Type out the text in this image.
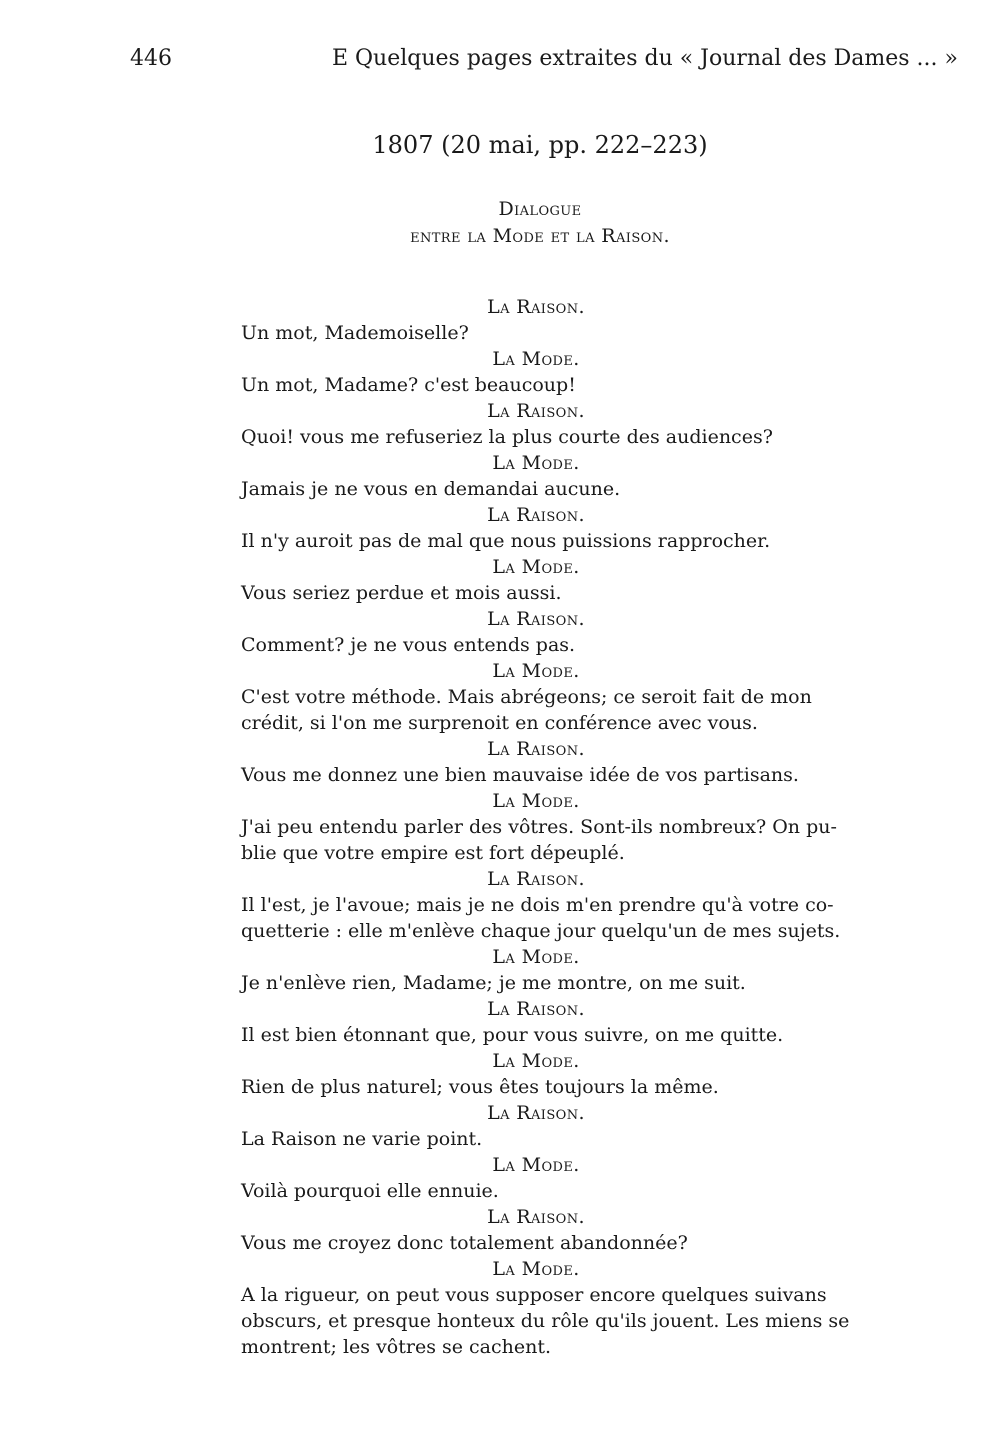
446	E Quelques pages extraites du « Journal des Dames ... »
1807 (20 mai, pp. 222–223)
Dialogue
entre la Mode et la Raison.
La Raison.
Un mot, Mademoiselle?
La Mode.
Un mot, Madame? c'est beaucoup!
La Raison.
Quoi! vous me refuseriez la plus courte des audiences?
La Mode.
Jamais je ne vous en demandai aucune.
La Raison.
Il n'y auroit pas de mal que nous puissions rapprocher.
La Mode.
Vous seriez perdue et mois aussi.
La Raison.
Comment? je ne vous entends pas.
La Mode.
C'est votre méthode. Mais abrégeons; ce seroit fait de mon
crédit, si l'on me surprenoit en conférence avec vous.
La Raison.
Vous me donnez une bien mauvaise idée de vos partisans.
La Mode.
J'ai peu entendu parler des vôtres. Sont-ils nombreux? On pu-
blie que votre empire est fort dépeuplé.
La Raison.
Il l'est, je l'avoue; mais je ne dois m'en prendre qu'à votre co-
quetterie : elle m'enlève chaque jour quelqu'un de mes sujets.
La Mode.
Je n'enlève rien, Madame; je me montre, on me suit.
La Raison.
Il est bien étonnant que, pour vous suivre, on me quitte.
La Mode.
Rien de plus naturel; vous êtes toujours la même.
La Raison.
La Raison ne varie point.
La Mode.
Voilà pourquoi elle ennuie.
La Raison.
Vous me croyez donc totalement abandonnée?
La Mode.
A la rigueur, on peut vous supposer encore quelques suivans
obscurs, et presque honteux du rôle qu'ils jouent. Les miens se
montrent; les vôtres se cachent.
